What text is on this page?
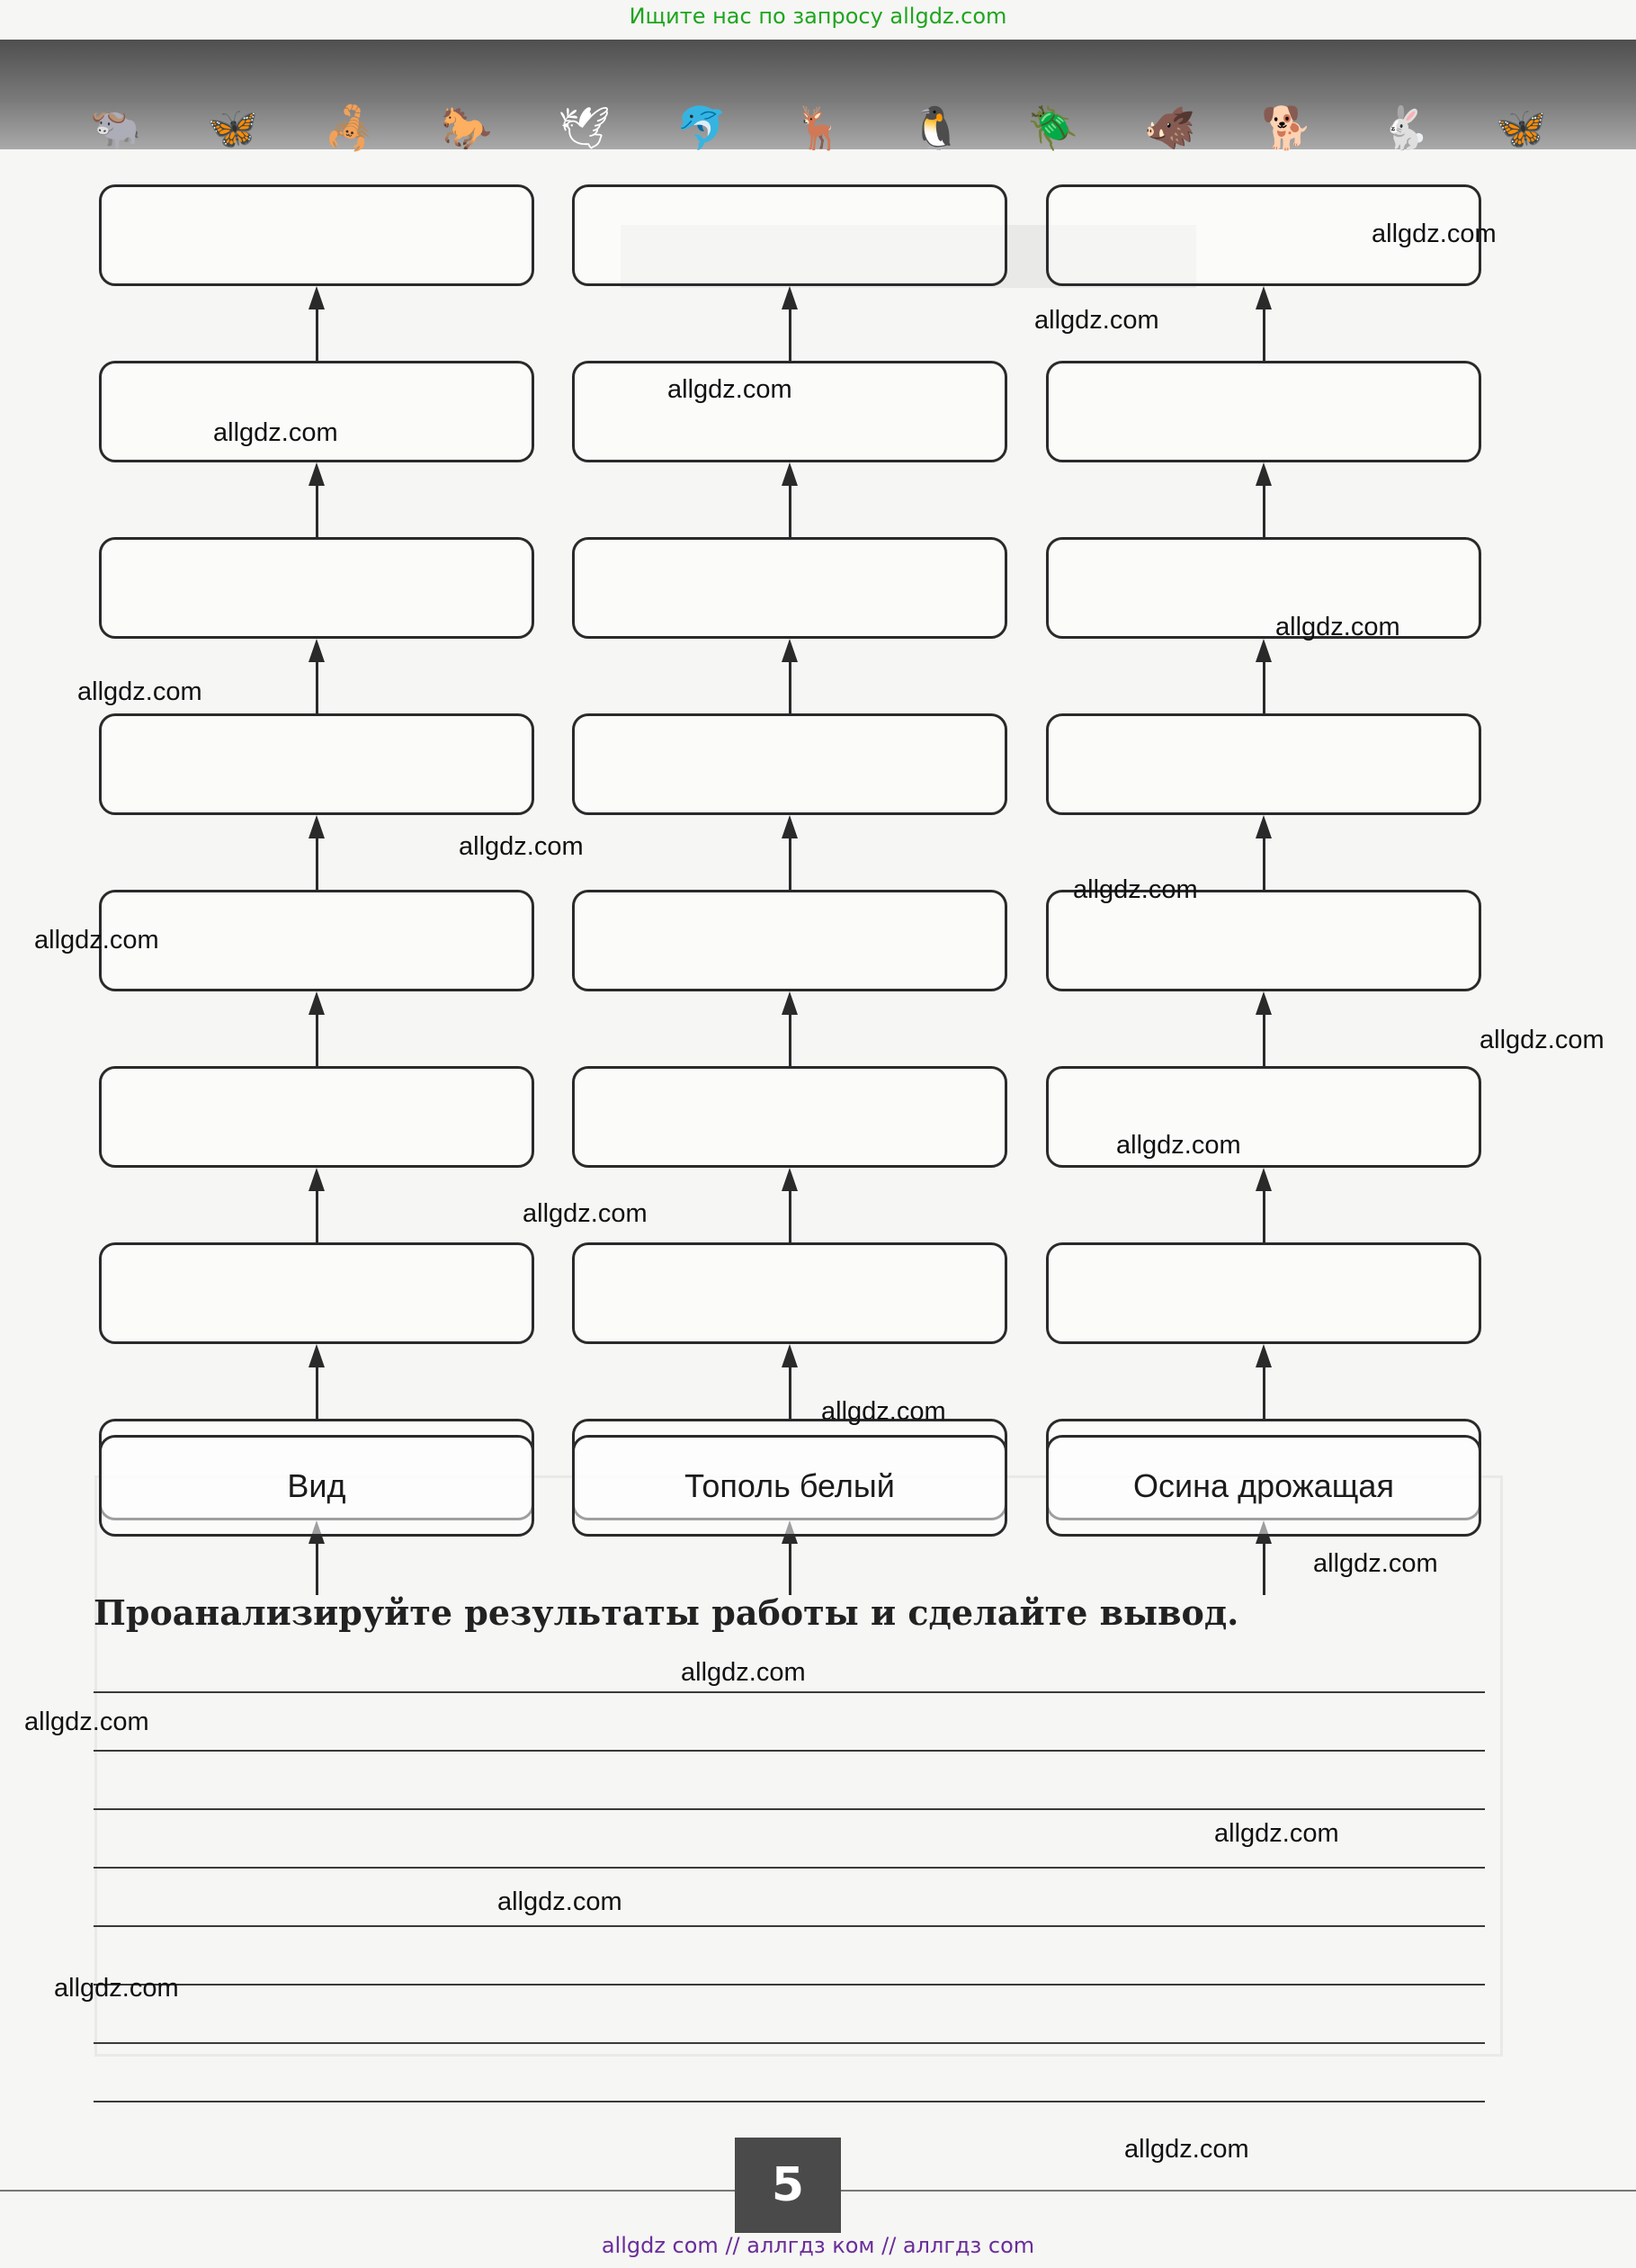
Ищите нас по запросу allgdz.com
🐃 🦋 🦂 🐎 🕊 🐬 🦌 🐧 🪲 🐗 🐕 🐇 🦋
Вид	Тополь белый	Осина дрожащая
Проанализируйте результаты работы и сделайте вывод.
allgdz.com
allgdz.com
allgdz.com
allgdz.com
allgdz.com
allgdz.com
allgdz.com
allgdz.com
allgdz.com
allgdz.com
allgdz.com
allgdz.com
allgdz.com
allgdz.com
allgdz.com
allgdz.com
allgdz.com
allgdz.com
allgdz.com
allgdz.com
5
allgdz com // аллгдз ком // аллгдз com
